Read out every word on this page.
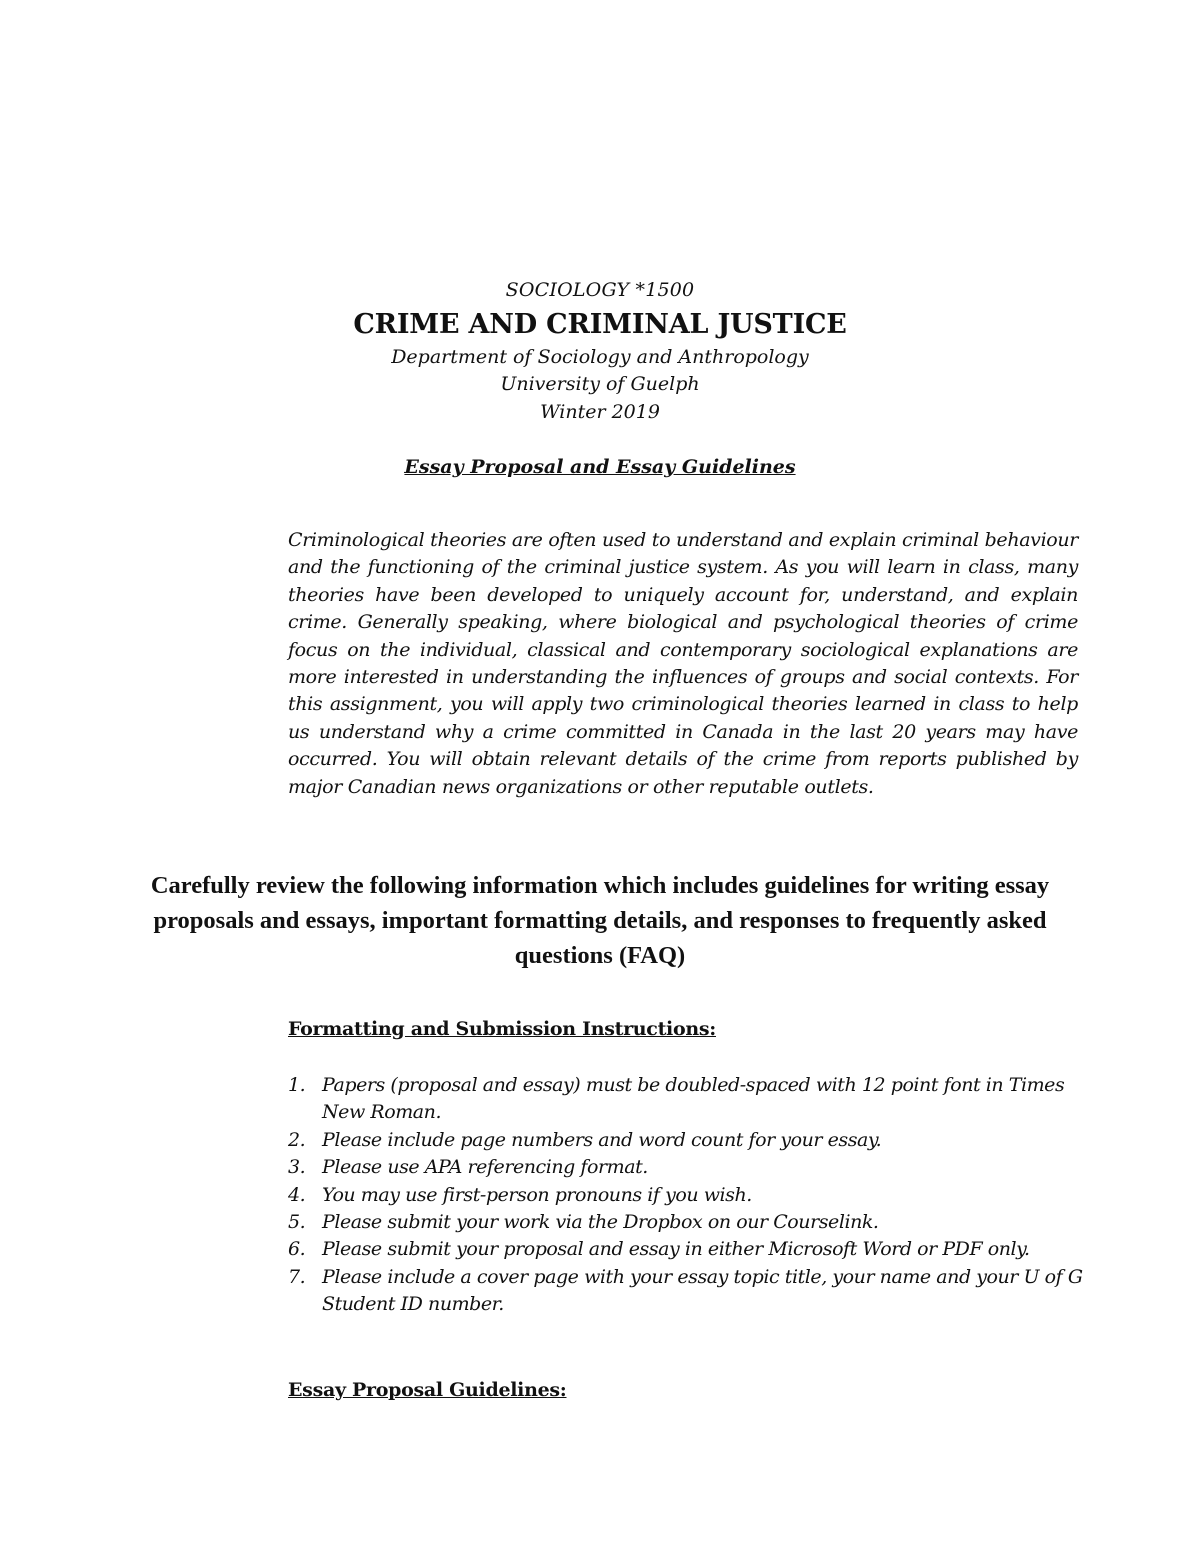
SOCIOLOGY *1500
CRIME AND CRIMINAL JUSTICE
Department of Sociology and Anthropology
University of Guelph
Winter 2019
Essay Proposal and Essay Guidelines

Criminological theories are often used to understand and explain criminal behaviour and the functioning of the criminal justice system. As you will learn in class, many theories have been developed to uniquely account for, understand, and explain crime. Generally speaking, where biological and psychological theories of crime focus on the individual, classical and contemporary sociological explanations are more interested in understanding the influences of groups and social contexts. For this assignment, you will apply two criminological theories learned in class to help us understand why a crime committed in Canada in the last 20 years may have occurred. You will obtain relevant details of the crime from reports published by major Canadian news organizations or other reputable outlets.

Carefully review the following information which includes guidelines for writing essay proposals and essays, important formatting details, and responses to frequently asked questions (FAQ)
Formatting and Submission Instructions:
1. Papers (proposal and essay) must be doubled-spaced with 12 point font in Times New Roman.
2. Please include page numbers and word count for your essay.
3. Please use APA referencing format.
4. You may use first-person pronouns if you wish.
5. Please submit your work via the Dropbox on our Courselink.
6. Please submit your proposal and essay in either Microsoft Word or PDF only.
7. Please include a cover page with your essay topic title, your name and your U of G Student ID number.
Essay Proposal Guidelines:
